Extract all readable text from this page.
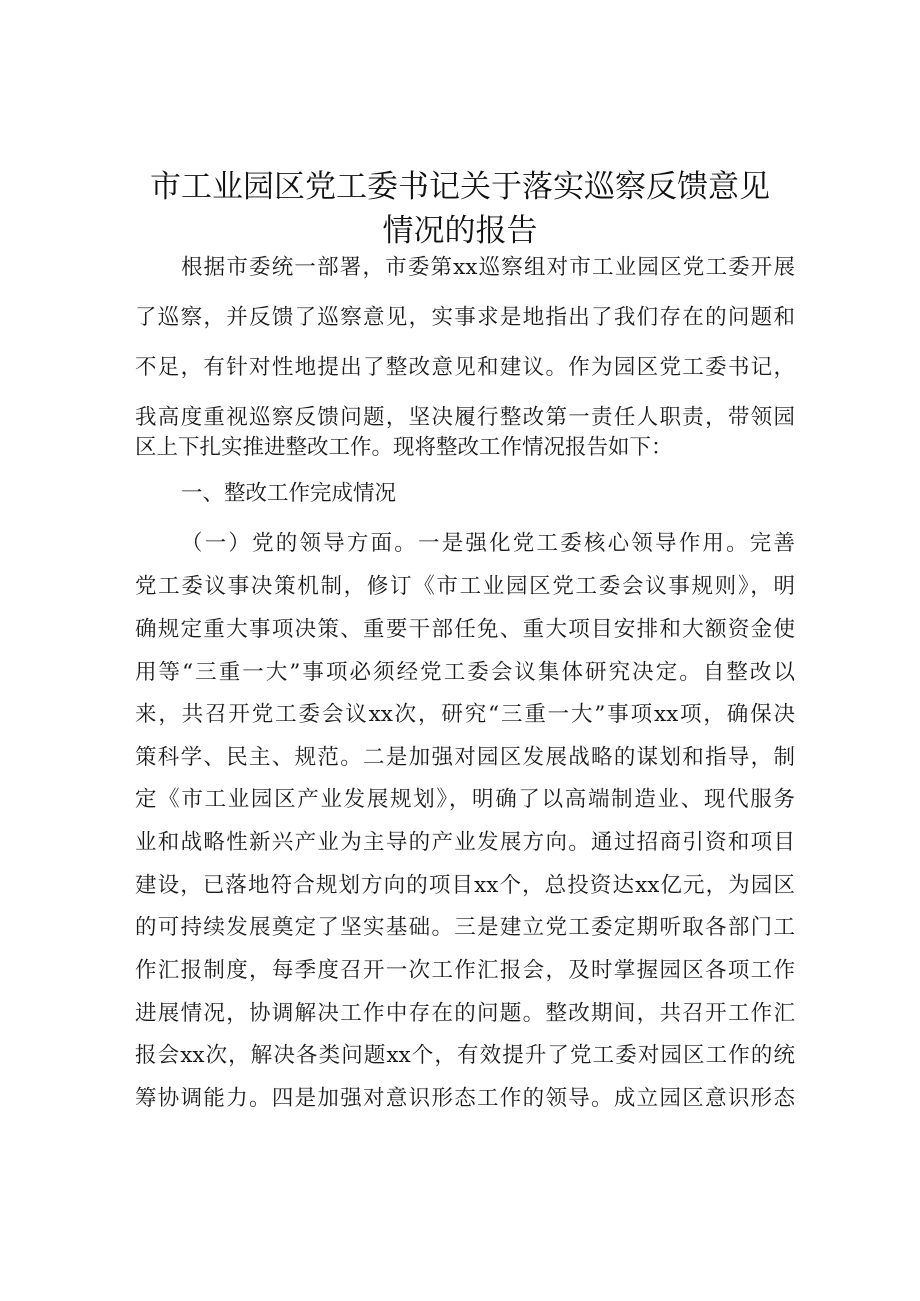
市工业园区党工委书记关于落实巡察反馈意见
情况的报告
根据市委统一部署，市委第xx巡察组对市工业园区党工委开展
了巡察，并反馈了巡察意见，实事求是地指出了我们存在的问题和
不足，有针对性地提出了整改意见和建议。作为园区党工委书记，
我高度重视巡察反馈问题，坚决履行整改第一责任人职责，带领园
区上下扎实推进整改工作。现将整改工作情况报告如下：
一、整改工作完成情况
（一）党的领导方面。一是强化党工委核心领导作用。完善
党工委议事决策机制，修订《市工业园区党工委会议事规则》，明
确规定重大事项决策、重要干部任免、重大项目安排和大额资金使
用等“三重一大”事项必须经党工委会议集体研究决定。自整改以
来，共召开党工委会议xx次，研究“三重一大”事项xx项，确保决
策科学、民主、规范。二是加强对园区发展战略的谋划和指导，制
定《市工业园区产业发展规划》，明确了以高端制造业、现代服务
业和战略性新兴产业为主导的产业发展方向。通过招商引资和项目
建设，已落地符合规划方向的项目xx个，总投资达xx亿元，为园区
的可持续发展奠定了坚实基础。三是建立党工委定期听取各部门工
作汇报制度，每季度召开一次工作汇报会，及时掌握园区各项工作
进展情况，协调解决工作中存在的问题。整改期间，共召开工作汇
报会xx次，解决各类问题xx个，有效提升了党工委对园区工作的统
筹协调能力。四是加强对意识形态工作的领导。成立园区意识形态
